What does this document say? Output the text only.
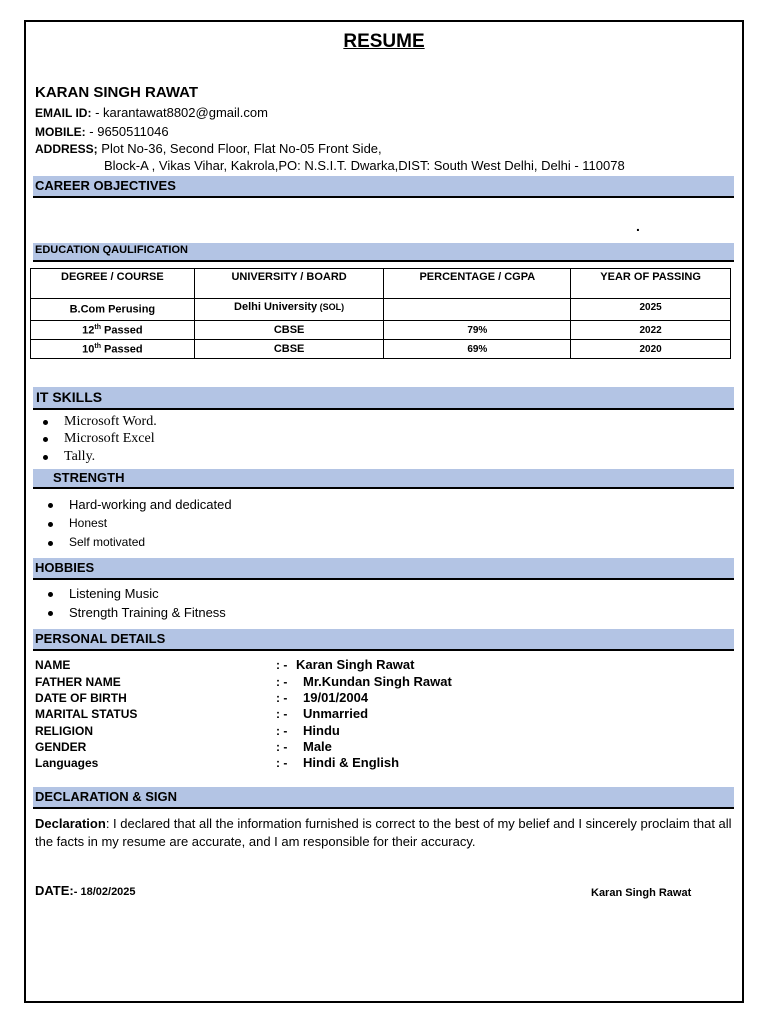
RESUME
KARAN SINGH RAWAT
EMAIL ID: - karantawat8802@gmail.com
MOBILE: - 9650511046
ADDRESS; Plot No-36, Second Floor, Flat No-05 Front Side,
Block-A , Vikas Vihar, Kakrola,PO: N.S.I.T. Dwarka,DIST: South West Delhi, Delhi - 110078
CAREER OBJECTIVES
.
EDUCATION QAULIFICATION
DEGREE / COURSE	UNIVERSITY / BOARD	PERCENTAGE / CGPA	YEAR OF PASSING
B.Com Perusing	Delhi University (SOL)		2025
12th Passed	CBSE	79%	2022
10th Passed	CBSE	69%	2020
IT SKILLS
Microsoft Word.
Microsoft Excel
Tally.
STRENGTH
Hard-working and dedicated
Honest
Self motivated
HOBBIES
Listening Music
Strength Training & Fitness
PERSONAL DETAILS
NAME	: - Karan Singh Rawat
FATHER NAME	: - Mr.Kundan Singh Rawat
DATE OF BIRTH	: - 19/01/2004
MARITAL STATUS	: - Unmarried
RELIGION	: - Hindu
GENDER	: - Male
Languages	: - Hindi & English
DECLARATION & SIGN
Declaration: I declared that all the information furnished is correct to the best of my belief and I sincerely proclaim that all the facts in my resume are accurate, and I am responsible for their accuracy.
DATE:- 18/02/2025	Karan Singh Rawat
